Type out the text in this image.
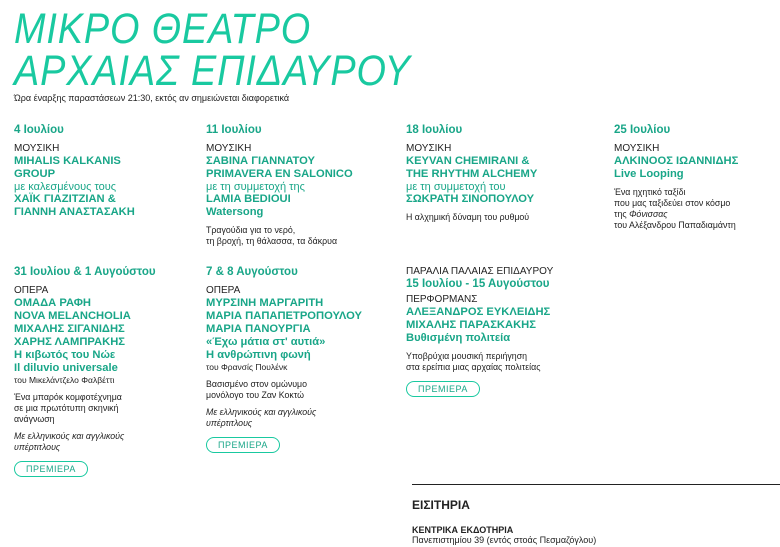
ΜΙΚΡΟ ΘΕΑΤΡΟ
ΑΡΧΑΙΑΣ ΕΠΙΔΑΥΡΟΥ
Ώρα έναρξης παραστάσεων 21:30, εκτός αν σημειώνεται διαφορετικά
4 Ιουλίου
ΜΟΥΣΙΚΗ
MIHALIS KALKANIS
GROUP
με καλεσμένους τους
ΧΑΪΚ ΓΙΑΖΙΤΖΙΑΝ &
ΓΙΑΝΝΗ ΑΝΑΣΤΑΣΑΚΗ
11 Ιουλίου
ΜΟΥΣΙΚΗ
ΣΑΒΙΝΑ ΓΙΑΝΝΑΤΟΥ
PRIMAVERA EN SALONICO
με τη συμμετοχή της
LAMIA BEDIOUI
Watersong
Τραγούδια για το νερό,
τη βροχή, τη θάλασσα, τα δάκρυα
18 Ιουλίου
ΜΟΥΣΙΚΗ
KEYVAN CHEMIRANI &
THE RHYTHM ALCHEMY
με τη συμμετοχή του
ΣΩΚΡΑΤΗ ΣΙΝΟΠΟΥΛΟΥ
Η αλχημική δύναμη του ρυθμού
25 Ιουλίου
ΜΟΥΣΙΚΗ
ΑΛΚΙΝΟΟΣ ΙΩΑΝΝΙΔΗΣ
Live Looping
Ένα ηχητικό ταξίδι
που μας ταξιδεύει στον κόσμο
της Φόνισσας
του Αλέξανδρου Παπαδιαμάντη
31 Ιουλίου & 1 Αυγούστου
ΟΠΕΡΑ
ΟΜΑΔΑ ΡΑΦΗ
NOVA MELANCHOLIA
ΜΙΧΑΛΗΣ ΣΙΓΑΝΙΔΗΣ
ΧΑΡΗΣ ΛΑΜΠΡΑΚΗΣ
Η κιβωτός του Νώε
Il diluvio universale
του Μικελάντζελο Φαλβέττι
Ένα μπαρόκ κομφοτέχνημα
σε μια πρωτότυπη σκηνική
ανάγνωση
Με ελληνικούς και αγγλικούς
υπέρτιτλους
ΠΡΕΜΙΕΡΑ
7 & 8 Αυγούστου
ΟΠΕΡΑ
ΜΥΡΣΙΝΗ ΜΑΡΓΑΡΙΤΗ
ΜΑΡΙΑ ΠΑΠΑΠΕΤΡΟΠΟΥΛΟΥ
ΜΑΡΙΑ ΠΑΝΟΥΡΓΙΑ
«Έχω μάτια στ' αυτιά»
Η ανθρώπινη φωνή
του Φρανσίς Πουλένκ
Βασισμένο στον ομώνυμο
μονόλογο του Ζαν Κοκτώ
Με ελληνικούς και αγγλικούς
υπέρτιτλους
ΠΡΕΜΙΕΡΑ
ΠΑΡΑΛΙΑ ΠΑΛΑΙΑΣ ΕΠΙΔΑΥΡΟΥ
15 Ιουλίου - 15 Αυγούστου
ΠΕΡΦΟΡΜΑΝΣ
ΑΛΕΞΑΝΔΡΟΣ ΕΥΚΛΕΙΔΗΣ
ΜΙΧΑΛΗΣ ΠΑΡΑΣΚΑΚΗΣ
Βυθισμένη πολιτεία
Υποβρύχια μουσική περιήγηση
στα ερείπια μιας αρχαίας πολιτείας
ΠΡΕΜΙΕΡΑ
ΕΙΣΙΤΗΡΙΑ
ΚΕΝΤΡΙΚΑ ΕΚΔΟΤΗΡΙΑ
Πανεπιστημίου 39 (εντός στοάς Πεσμαζόγλου)
